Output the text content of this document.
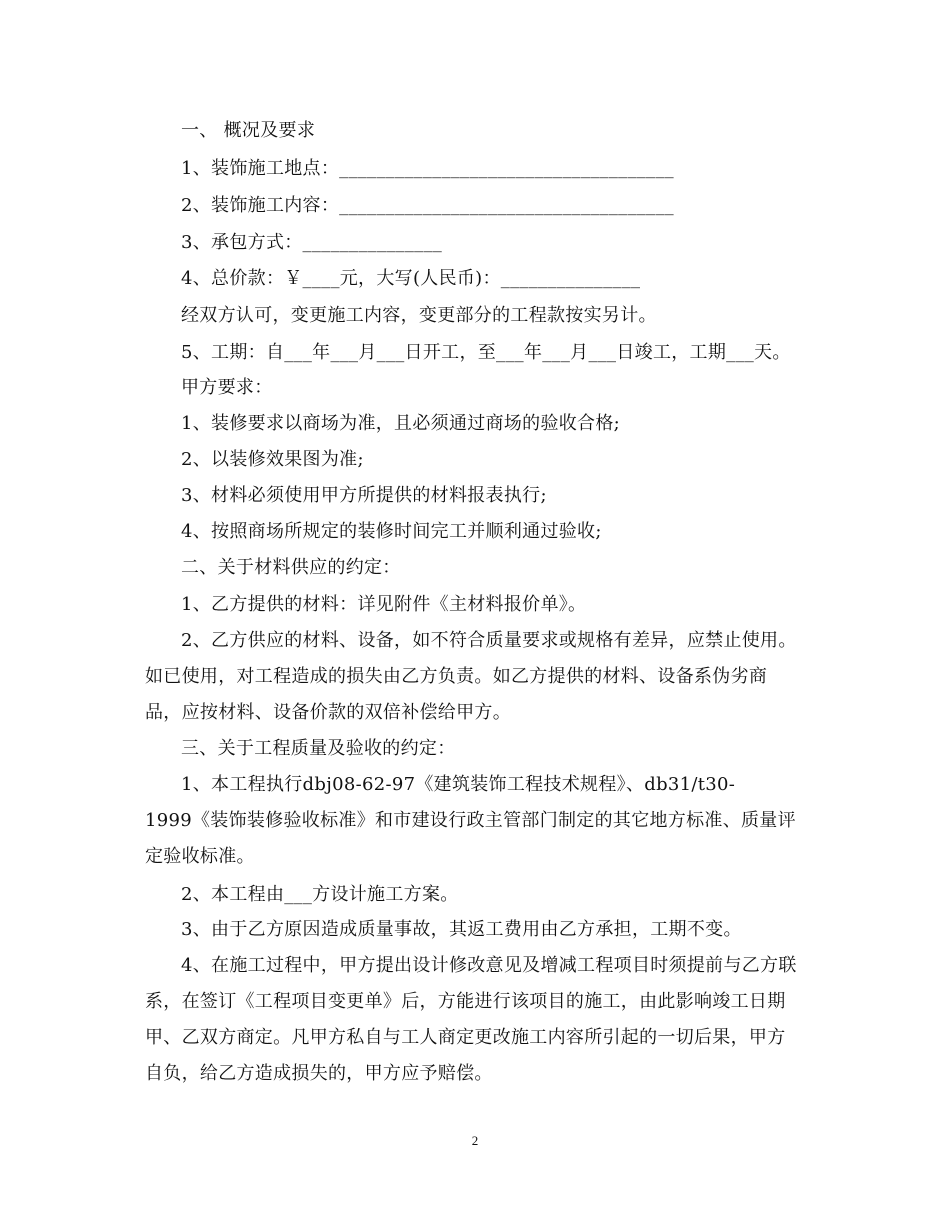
一、 概况及要求
1、装饰施工地点：____________________________________
2、装饰施工内容：____________________________________
3、承包方式：_______________
4、总价款：￥____元，大写(人民币)：_______________
经双方认可，变更施工内容，变更部分的工程款按实另计。
5、工期：自___年___月___日开工，至___年___月___日竣工，工期___天。
甲方要求：
1、装修要求以商场为准，且必须通过商场的验收合格;
2、以装修效果图为准;
3、材料必须使用甲方所提供的材料报表执行;
4、按照商场所规定的装修时间完工并顺利通过验收;
二、关于材料供应的约定：
1、乙方提供的材料：详见附件《主材料报价单》。
2、乙方供应的材料、设备，如不符合质量要求或规格有差异，应禁止使用。
如已使用，对工程造成的损失由乙方负责。如乙方提供的材料、设备系伪劣商
品，应按材料、设备价款的双倍补偿给甲方。
三、关于工程质量及验收的约定：
1、本工程执行dbj08-62-97《建筑装饰工程技术规程》、db31/t30-
1999《装饰装修验收标准》和市建设行政主管部门制定的其它地方标准、质量评
定验收标准。
2、本工程由___方设计施工方案。
3、由于乙方原因造成质量事故，其返工费用由乙方承担，工期不变。
4、在施工过程中，甲方提出设计修改意见及增减工程项目时须提前与乙方联
系，在签订《工程项目变更单》后，方能进行该项目的施工，由此影响竣工日期
甲、乙双方商定。凡甲方私自与工人商定更改施工内容所引起的一切后果，甲方
自负，给乙方造成损失的，甲方应予赔偿。
2
